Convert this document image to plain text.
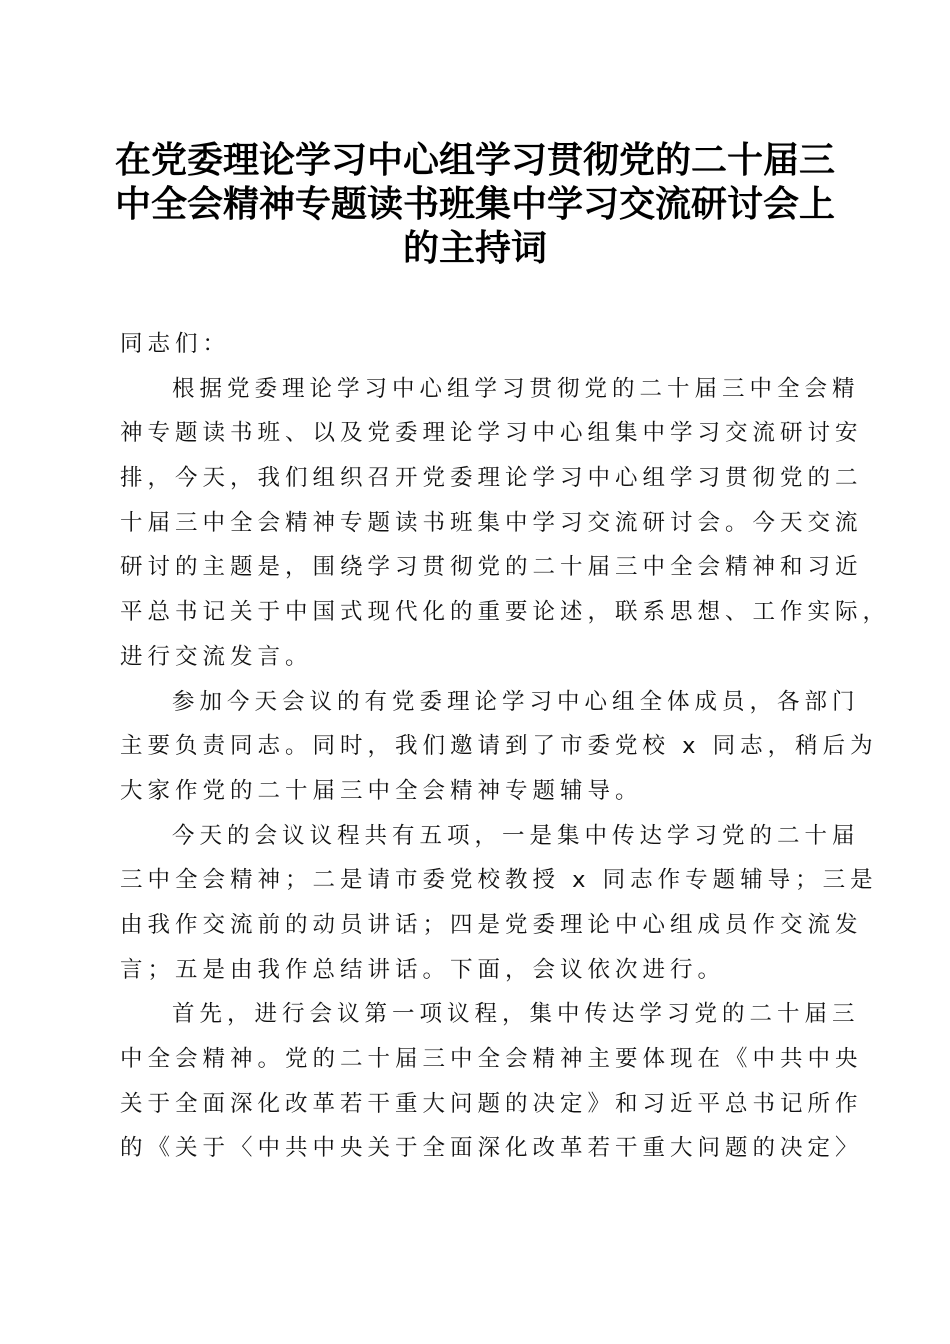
在党委理论学习中心组学习贯彻党的二十届三
中全会精神专题读书班集中学习交流研讨会上
的主持词
同志们：
根据党委理论学习中心组学习贯彻党的二十届三中全会精
神专题读书班、以及党委理论学习中心组集中学习交流研讨安
排，今天，我们组织召开党委理论学习中心组学习贯彻党的二
十届三中全会精神专题读书班集中学习交流研讨会。今天交流
研讨的主题是，围绕学习贯彻党的二十届三中全会精神和习近
平总书记关于中国式现代化的重要论述，联系思想、工作实际，
进行交流发言。
参加今天会议的有党委理论学习中心组全体成员，各部门
主要负责同志。同时，我们邀请到了市委党校 x 同志，稍后为
大家作党的二十届三中全会精神专题辅导。
今天的会议议程共有五项，一是集中传达学习党的二十届
三中全会精神；二是请市委党校教授 x 同志作专题辅导；三是
由我作交流前的动员讲话；四是党委理论中心组成员作交流发
言；五是由我作总结讲话。下面，会议依次进行。
首先，进行会议第一项议程，集中传达学习党的二十届三
中全会精神。党的二十届三中全会精神主要体现在《中共中央
关于全面深化改革若干重大问题的决定》和习近平总书记所作
的《关于〈中共中央关于全面深化改革若干重大问题的决定〉
